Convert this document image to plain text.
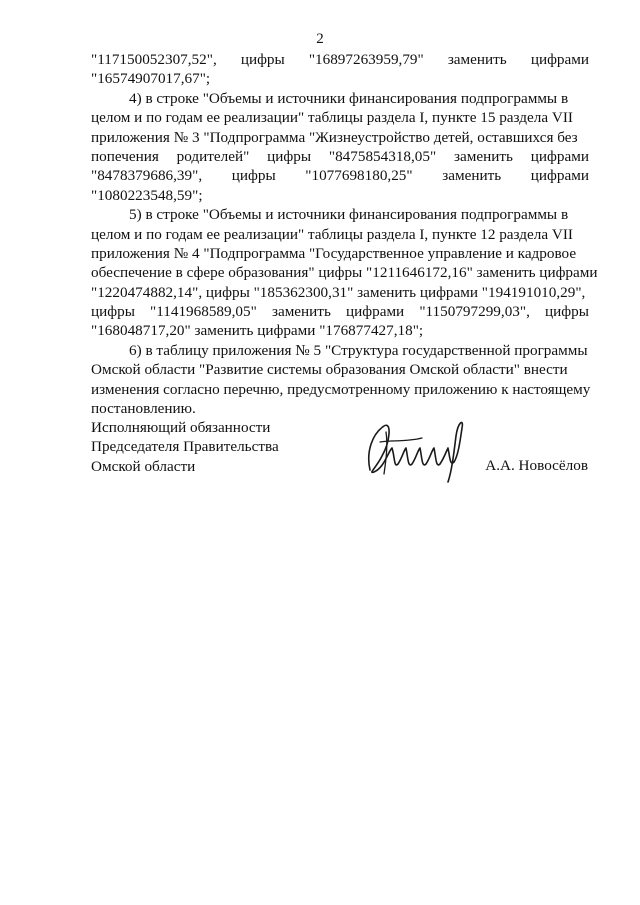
2
"117150052307,52", цифры "16897263959,79" заменить цифрами
"16574907017,67";
4) в строке "Объемы и источники финансирования подпрограммы в
целом и по годам ее реализации" таблицы раздела I, пункте 15 раздела VII
приложения № 3 "Подпрограмма "Жизнеустройство детей, оставшихся без
попечения родителей" цифры "8475854318,05" заменить цифрами
"8478379686,39", цифры "1077698180,25" заменить цифрами
"1080223548,59";
5) в строке "Объемы и источники финансирования подпрограммы в
целом и по годам ее реализации" таблицы раздела I, пункте 12 раздела VII
приложения № 4 "Подпрограмма "Государственное управление и кадровое
обеспечение в сфере образования" цифры "1211646172,16" заменить цифрами
"1220474882,14", цифры "185362300,31" заменить цифрами "194191010,29",
цифры "1141968589,05" заменить цифрами "1150797299,03", цифры
"168048717,20" заменить цифрами "176877427,18";
6) в таблицу приложения № 5 "Структура государственной программы
Омской области "Развитие системы образования Омской области" внести
изменения согласно перечню, предусмотренному приложению к настоящему
постановлению.
Исполняющий обязанности
Председателя Правительства
Омской области	А.А. Новосёлов
